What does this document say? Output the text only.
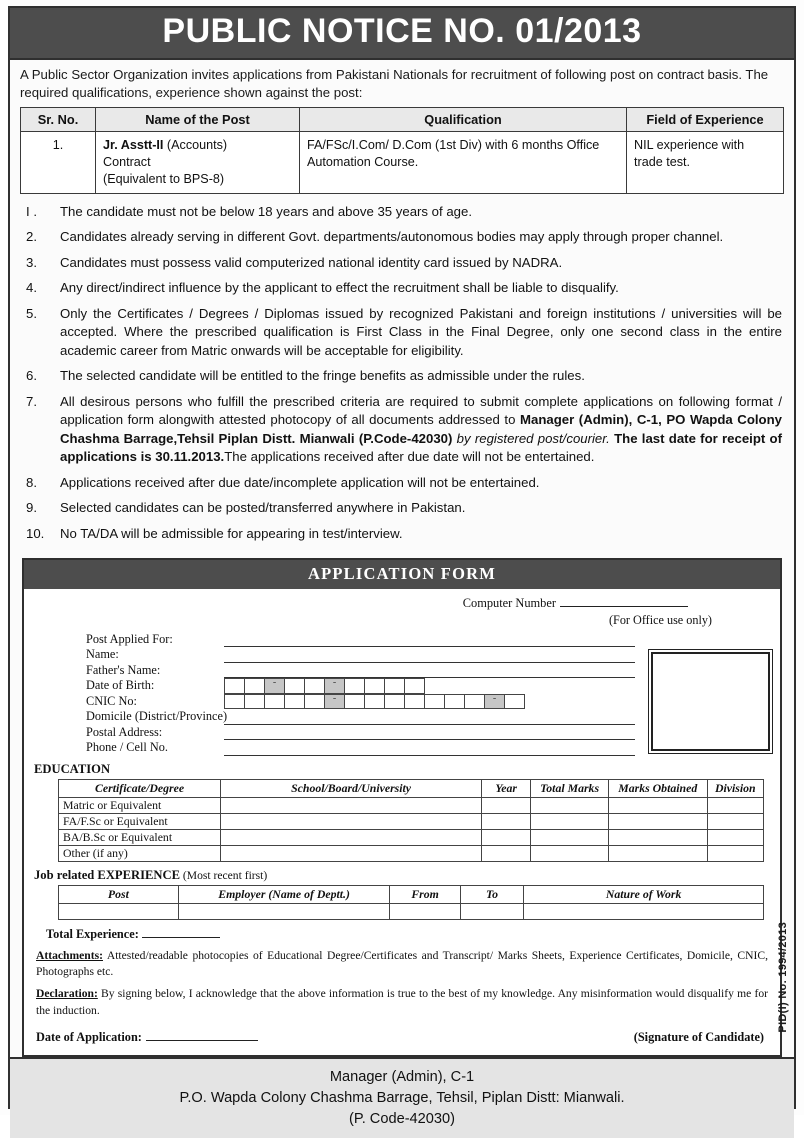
PUBLIC NOTICE NO. 01/2013
A Public Sector Organization invites applications from Pakistani Nationals for recruitment of following post on contract basis. The required qualifications, experience shown against the post:
Sr. No.	Name of the Post	Qualification	Field of Experience
1.	Jr. Asstt-II (Accounts)
Contract
(Equivalent to BPS-8)	FA/FSc/I.Com/ D.Com (1st Div) with 6 months Office Automation Course.	NIL experience with trade test.
I .	The candidate must not be below 18 years and above 35 years of age.
2.	Candidates already serving in different Govt. departments/autonomous bodies may apply through proper channel.
3.	Candidates must possess valid computerized national identity card issued by NADRA.
4.	Any direct/indirect influence by the applicant to effect the recruitment shall be liable to disqualify.
5.	Only the Certificates / Degrees / Diplomas issued by recognized Pakistani and foreign institutions / universities will be accepted. Where the prescribed qualification is First Class in the Final Degree, only one second class in the entire academic career from Matric onwards will be acceptable for eligibility.
6.	The selected candidate will be entitled to the fringe benefits as admissible under the rules.
7.	All desirous persons who fulfill the prescribed criteria are required to submit complete applications on following format / application form alongwith attested photocopy of all documents addressed to Manager (Admin), C-1, PO Wapda Colony Chashma Barrage,Tehsil Piplan Distt. Mianwali (P.Code-42030) by registered post/courier. The last date for receipt of applications is 30.11.2013.The applications received after due date will not be entertained.
8.	Applications received after due date/incomplete application will not be entertained.
9.	Selected candidates can be posted/transferred anywhere in Pakistan.
10.	No TA/DA will be admissible for appearing in test/interview.
APPLICATION FORM
Computer Number
(For Office use only)
Post Applied For:
Name:
Father's Name:
Date of Birth:
CNIC No:
Domicile (District/Province)
Postal Address:
Phone / Cell No.
-
-
-
-
EDUCATION
Certificate/Degree	School/Board/University	Year	Total Marks	Marks Obtained	Division
Matric or Equivalent					
FA/F.Sc or Equivalent					
BA/B.Sc or Equivalent					
Other (if any)					
Job related EXPERIENCE (Most recent first)
Post	Employer (Name of Deptt.)	From	To	Nature of Work

Total Experience:
Attachments: Attested/readable photocopies of Educational Degree/Certificates and Transcript/ Marks Sheets, Experience Certificates, Domicile, CNIC, Photographs etc.
Declaration: By signing below, I acknowledge that the above information is true to the best of my knowledge. Any misinformation would disqualify me for the induction.
Date of Application:	(Signature of Candidate)
PID(I) No. 1994/2013
Manager (Admin), C-1
P.O. Wapda Colony Chashma Barrage, Tehsil, Piplan Distt: Mianwali.
(P. Code-42030)
